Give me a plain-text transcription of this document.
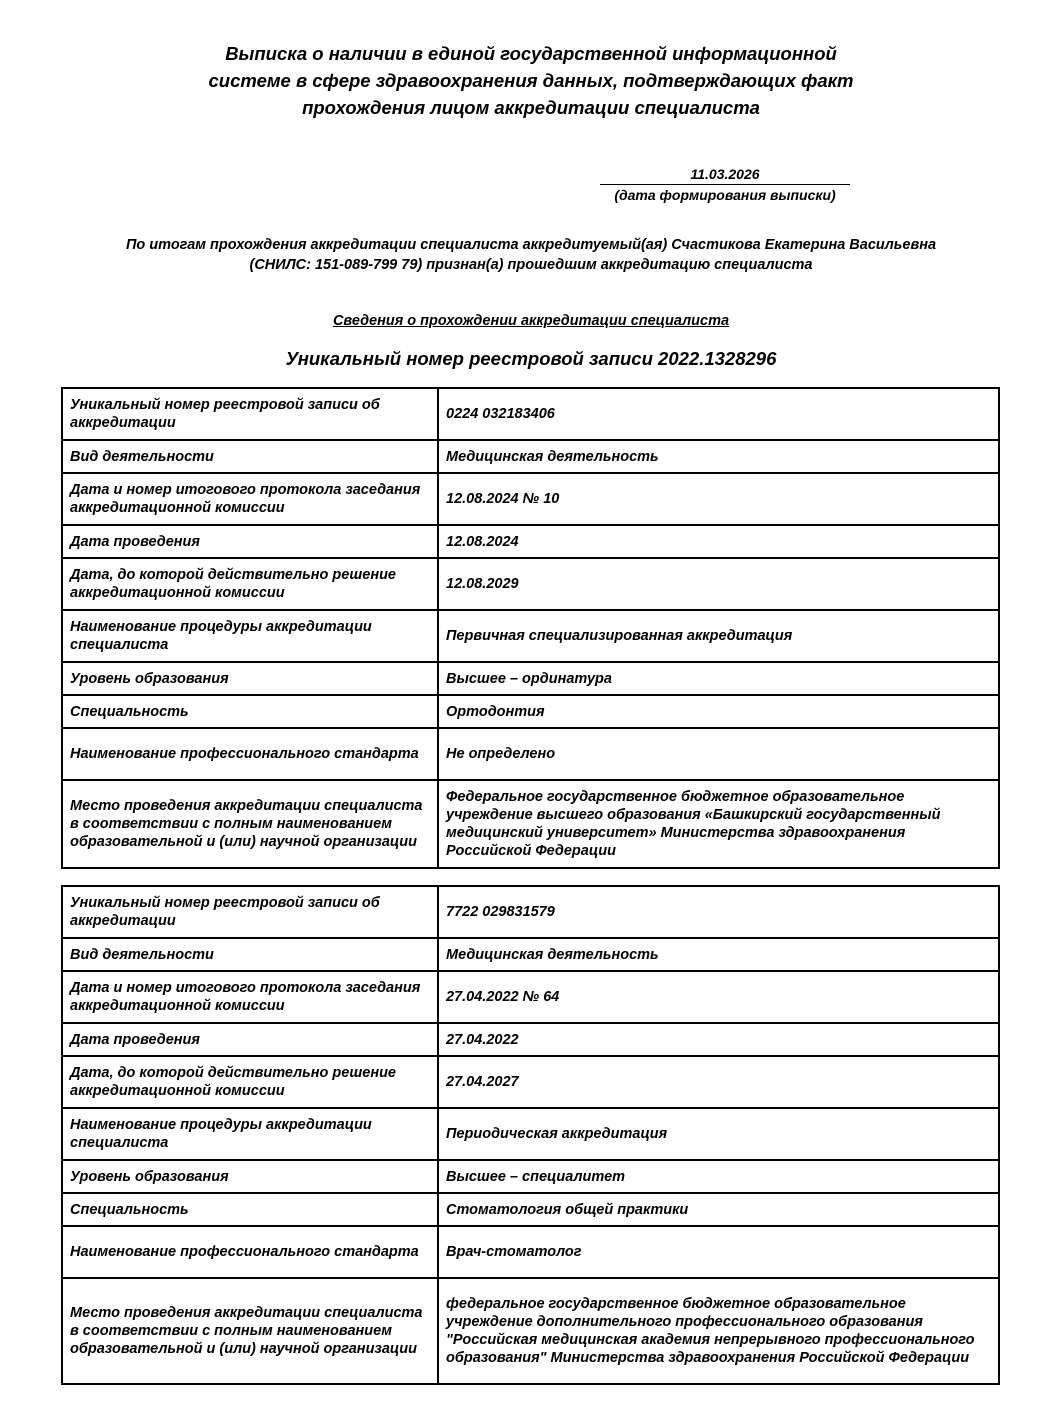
Выписка о наличии в единой государственной информационной
системе в сфере здравоохранения данных, подтверждающих факт
прохождения лицом аккредитации специалиста
11.03.2026
(дата формирования выписки)
По итогам прохождения аккредитации специалиста аккредитуемый(ая) Счастикова Екатерина Васильевна
(СНИЛС: 151-089-799 79) признан(а) прошедшим аккредитацию специалиста
Сведения о прохождении аккредитации специалиста
Уникальный номер реестровой записи 2022.1328296
Уникальный номер реестровой записи об аккредитации	0224 032183406
Вид деятельности	Медицинская деятельность
Дата и номер итогового протокола заседания аккредитационной комиссии	12.08.2024 № 10
Дата проведения	12.08.2024
Дата, до которой действительно решение аккредитационной комиссии	12.08.2029
Наименование процедуры аккредитации специалиста	Первичная специализированная аккредитация
Уровень образования	Высшее – ординатура
Специальность	Ортодонтия
Наименование профессионального стандарта	Не определено
Место проведения аккредитации специалиста в соответствии с полным наименованием образовательной и (или) научной организации	Федеральное государственное бюджетное образовательное учреждение высшего образования «Башкирский государственный медицинский университет» Министерства здравоохранения Российской Федерации
Уникальный номер реестровой записи об аккредитации	7722 029831579
Вид деятельности	Медицинская деятельность
Дата и номер итогового протокола заседания аккредитационной комиссии	27.04.2022 № 64
Дата проведения	27.04.2022
Дата, до которой действительно решение аккредитационной комиссии	27.04.2027
Наименование процедуры аккредитации специалиста	Периодическая аккредитация
Уровень образования	Высшее – специалитет
Специальность	Стоматология общей практики
Наименование профессионального стандарта	Врач-стоматолог
Место проведения аккредитации специалиста в соответствии с полным наименованием образовательной и (или) научной организации	федеральное государственное бюджетное образовательное учреждение дополнительного профессионального образования "Российская медицинская академия непрерывного профессионального образования" Министерства здравоохранения Российской Федерации
